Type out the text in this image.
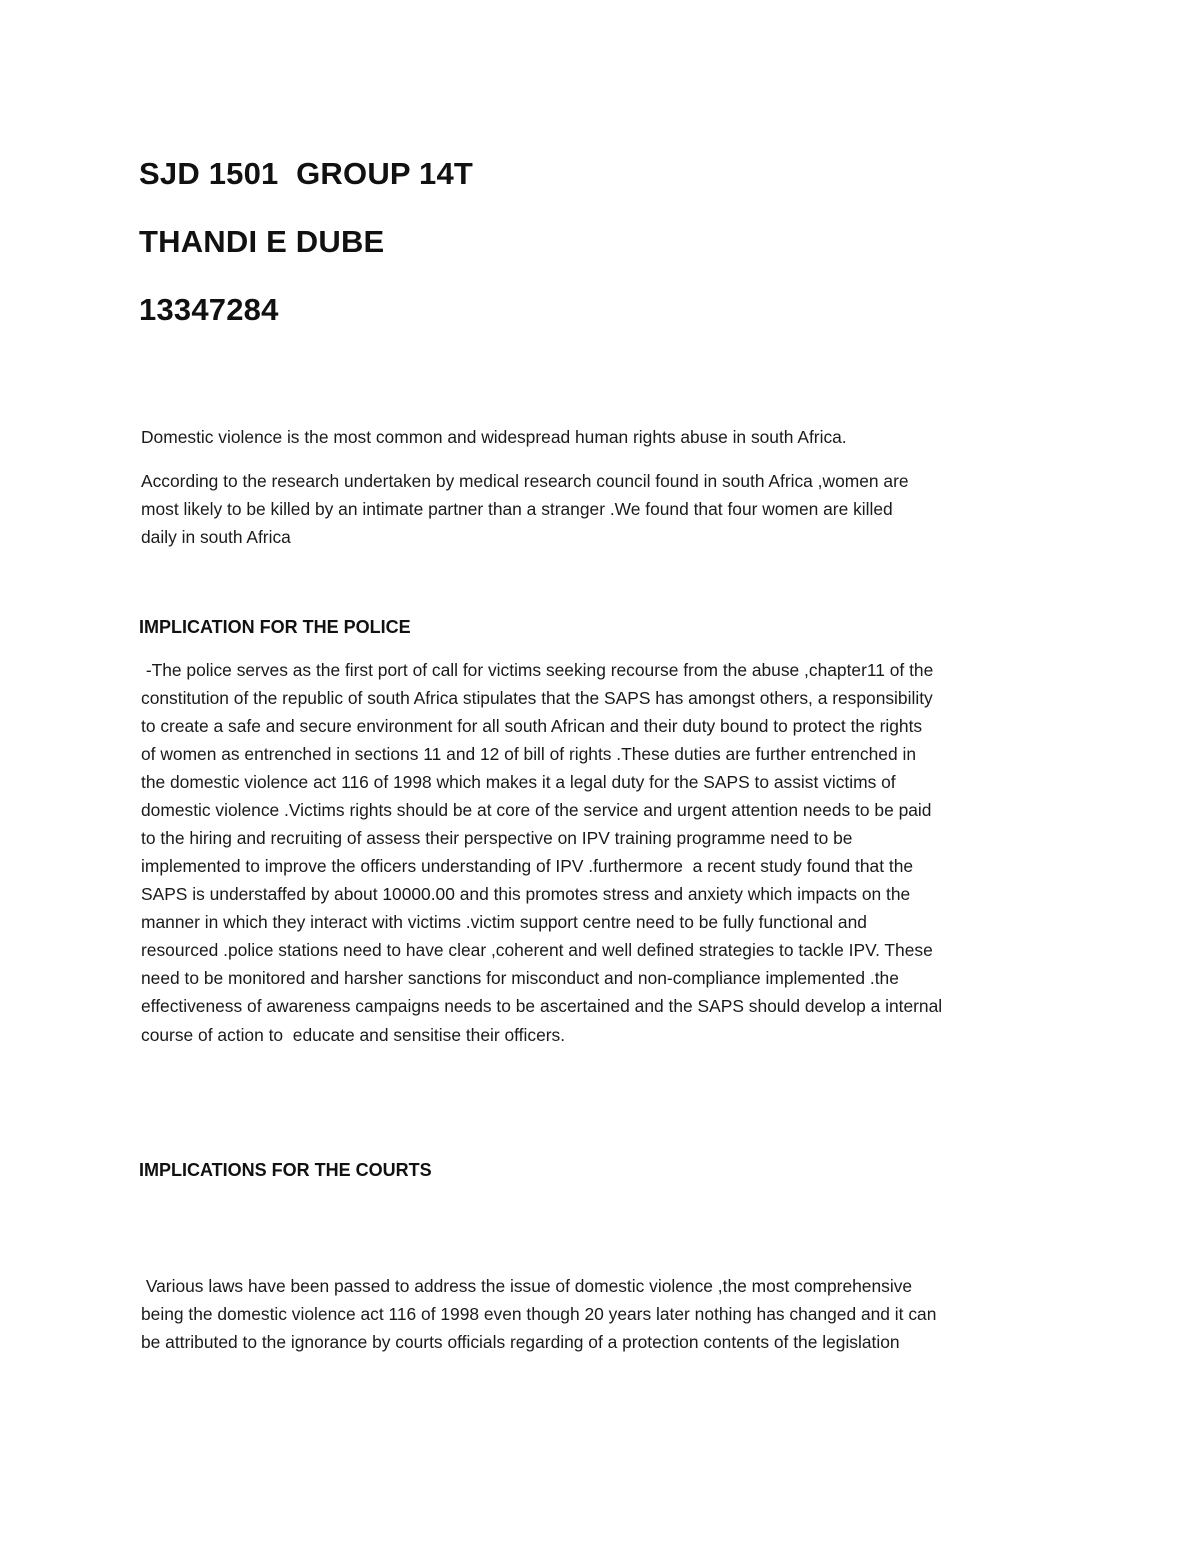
SJD 1501  GROUP 14T

THANDI E DUBE

13347284

Domestic violence is the most common and widespread human rights abuse in south Africa.

According to the research undertaken by medical research council found in south Africa ,women are

most likely to be killed by an intimate partner than a stranger .We found that four women are killed

daily in south Africa

IMPLICATION FOR THE POLICE

-The police serves as the first port of call for victims seeking recourse from the abuse ,chapter11 of the

constitution of the republic of south Africa stipulates that the SAPS has amongst others, a responsibility

to create a safe and secure environment for all south African and their duty bound to protect the rights

of women as entrenched in sections 11 and 12 of bill of rights .These duties are further entrenched in

the domestic violence act 116 of 1998 which makes it a legal duty for the SAPS to assist victims of

domestic violence .Victims rights should be at core of the service and urgent attention needs to be paid

to the hiring and recruiting of assess their perspective on IPV training programme need to be

implemented to improve the officers understanding of IPV .furthermore  a recent study found that the

SAPS is understaffed by about 10000.00 and this promotes stress and anxiety which impacts on the

manner in which they interact with victims .victim support centre need to be fully functional and

resourced .police stations need to have clear ,coherent and well defined strategies to tackle IPV. These

need to be monitored and harsher sanctions for misconduct and non-compliance implemented .the

effectiveness of awareness campaigns needs to be ascertained and the SAPS should develop a internal

course of action to  educate and sensitise their officers.

IMPLICATIONS FOR THE COURTS

Various laws have been passed to address the issue of domestic violence ,the most comprehensive

being the domestic violence act 116 of 1998 even though 20 years later nothing has changed and it can

be attributed to the ignorance by courts officials regarding of a protection contents of the legislation
